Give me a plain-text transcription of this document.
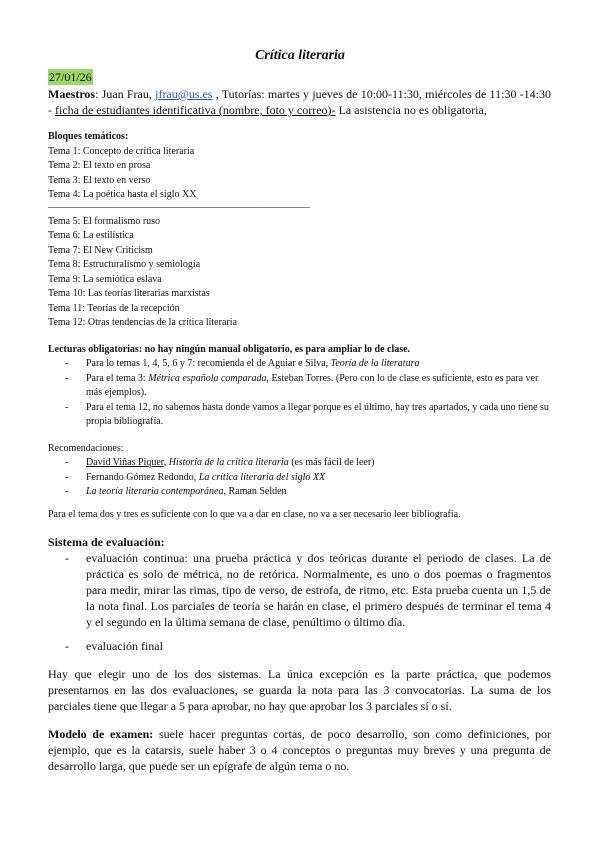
Crítica literaria
27/01/26

Maestros: Juan Frau, jfrau@us.es , Tutorías: martes y jueves de 10:00-11:30, miércoles de 11:30 -14:30 - ficha de estudiantes identificativa (nombre, foto y correo)- La asistencia no es obligatoria,

Bloques temáticos:
Tema 1: Concepto de crítica literaria
Tema 2: El texto en prosa
Tema 3: El texto en verso
Tema 4: La poética hasta el siglo XX
—————————————————————————————
Tema 5: El formalismo ruso
Tema 6: La estilística
Tema 7: El New Criticism
Tema 8: Estructuralismo y semiología
Tema 9: La semiótica eslava
Tema 10: Las teorías literarias marxistas
Tema 11: Teorías de la recepción
Tema 12: Otras tendencias de la crítica literaria
Lecturas obligatorias: no hay ningún manual obligatorio, es para ampliar lo de clase.
- Para lo temas 1, 4, 5, 6 y 7: recomienda el de Aguiar e Silva, Teoría de la literatura
- Para el tema 3: Métrica española comparada, Esteban Torres. (Pero con lo de clase es suficiente, esto es para ver más ejemplos).
- Para el tema 12, no sabemos hasta donde vamos a llegar porque es el último, hay tres apartados, y cada uno tiene su propia bibliografía.
Recomendaciones:
- David Viñas Piquer, Historia de la crítica literaria (es más fácil de leer)
- Fernando Gómez Redondo, La crítica literaria del siglo XX
- La teoría literaria contemporánea, Raman Selden
Para el tema dos y tres es suficiente con lo que va a dar en clase, no va a ser necesario leer bibliografía.
Sistema de evaluación:
- evaluación continua: una prueba práctica y dos teóricas durante el periodo de clases. La de práctica es solo de métrica, no de retórica. Normalmente, es uno o dos poemas o fragmentos para medir, mirar las rimas, tipo de verso, de estrofa, de ritmo, etc. Esta prueba cuenta un 1,5 de la nota final. Los parciales de teoría se harán en clase, el primero después de terminar el tema 4 y el segundo en la última semana de clase, penúltimo o último día.
- evaluación final

Hay que elegir uno de los dos sistemas. La única excepción es la parte práctica, que podemos presentarnos en las dos evaluaciones, se guarda la nota para las 3 convocatorias. La suma de los parciales tiene que llegar a 5 para aprobar, no hay que aprobar los 3 parciales sí o sí.

Modelo de examen: suele hacer preguntas cortas, de poco desarrollo, son como definiciones, por ejemplo, que es la catarsis, suele haber 3 o 4 conceptos o preguntas muy breves y una pregunta de desarrollo larga, que puede ser un epígrafe de algún tema o no.
